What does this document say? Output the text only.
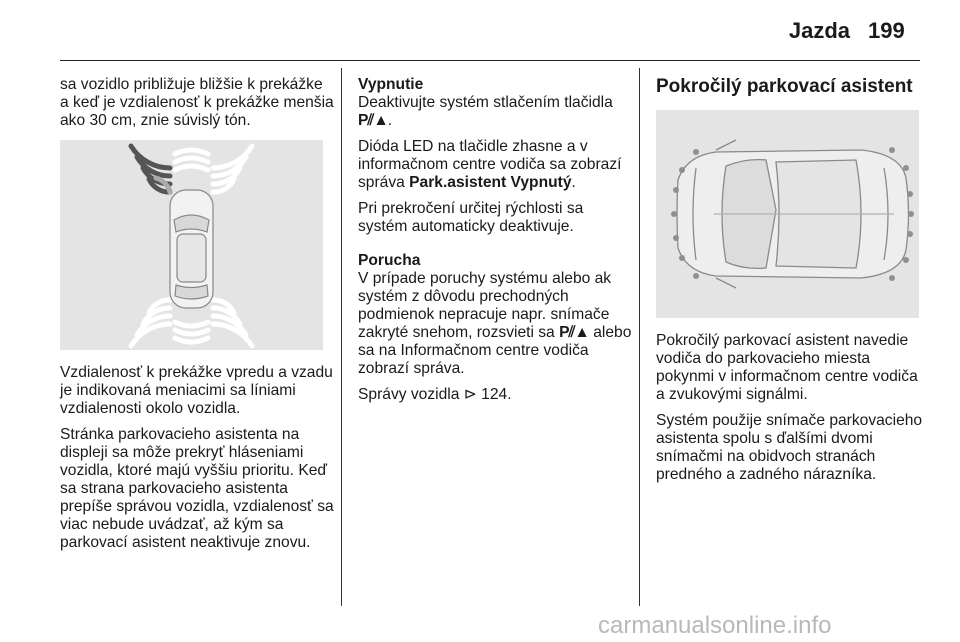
Jazda 199

sa vozidlo približuje bližšie k prekážke a keď je vzdialenosť k prekážke menšia ako 30 cm, znie súvislý tón.

Vzdialenosť k prekážke vpredu a vzadu je indikovaná meniacimi sa líniami vzdialenosti okolo vozidla.

Stránka parkovacieho asistenta na displeji sa môže prekryť hláseniami vozidla, ktoré majú vyššiu prioritu. Keď sa strana parkovacieho asistenta prepíše správou vozidla, vzdialenosť sa viac nebude uvádzať, až kým sa parkovací asistent neaktivuje znovu.

Vypnutie

Deaktivujte systém stlačením tlačidla P⫽▲.

Dióda LED na tlačidle zhasne a v informačnom centre vodiča sa zobrazí správa Park.asistent Vypnutý.

Pri prekročení určitej rýchlosti sa systém automaticky deaktivuje.

Porucha

V prípade poruchy systému alebo ak systém z dôvodu prechodných podmienok nepracuje napr. snímače zakryté snehom, rozsvieti sa P⫽▲ alebo sa na Informačnom centre vodiča zobrazí správa.

Správy vozidla ⊳ 124.

Pokročilý parkovací asistent

Pokročilý parkovací asistent navedie vodiča do parkovacieho miesta pokynmi v informačnom centre vodiča a zvukovými signálmi.

Systém použije snímače parkovacieho asistenta spolu s ďalšími dvomi snímačmi na obidvoch stranách predného a zadného nárazníka.

carmanualsonline.info
